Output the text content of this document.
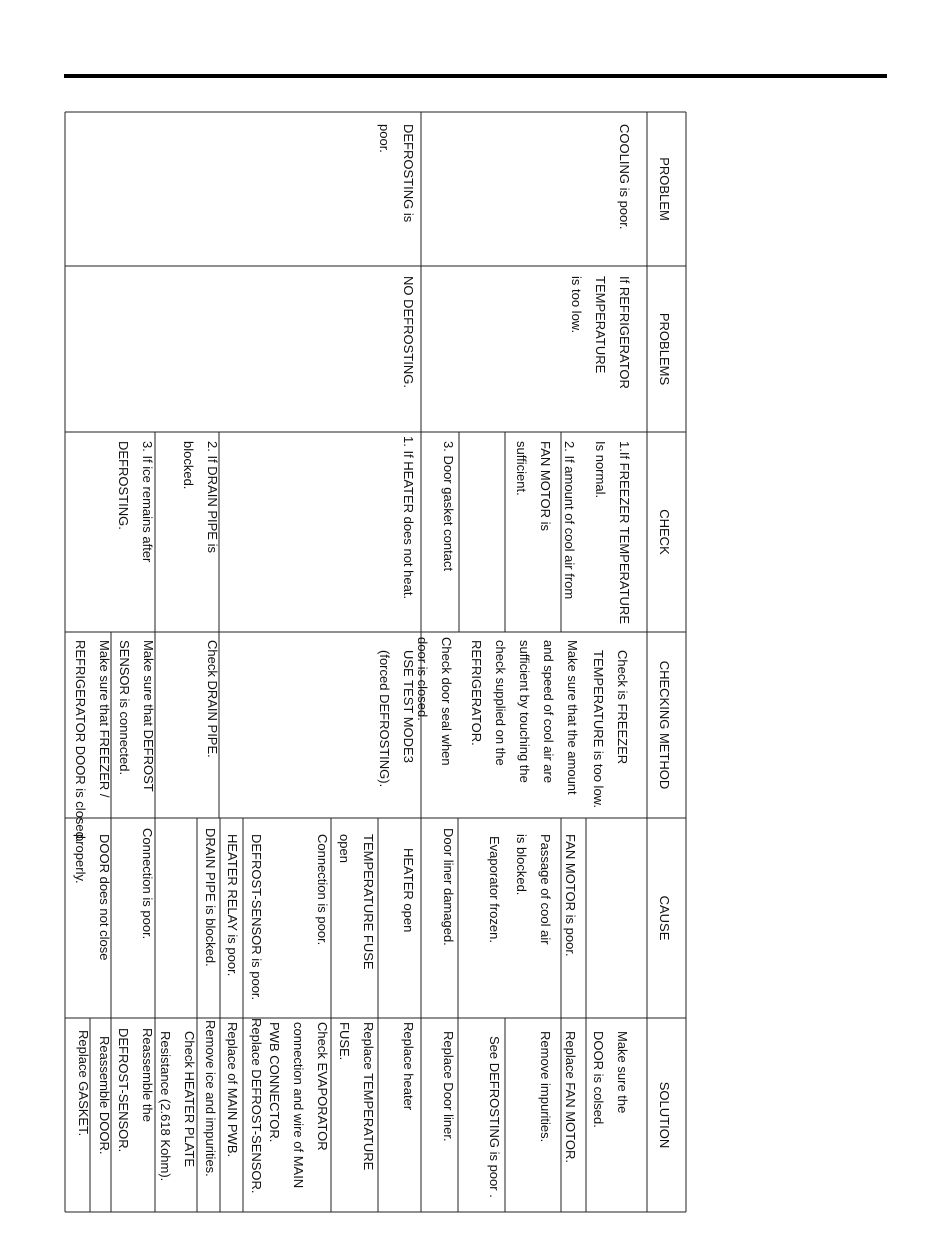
PROBLEM
PROBLEMS
CHECK
CHECKING METHOD
CAUSE
SOLUTION
COOLING is poor.
DEFROSTING is
poor.
If REFRIGERATOR
TEMPERATURE
is too low.
NO DEFROSTING.
1.If FREEZER TEMPERATURE
Is normal.
2. If amount of cool air from
FAN MOTOR is
sufficient.
3. Door gasket contact
1. If HEATER does not heat.
2. If DRAIN PIPE is
blocked.
3. If ice remains after
DEFROSTING.
Check is FREEZER
TEMPERATURE is too low.
Make sure that the amount
and speed of cool air are
sufficient by touching the
check supplied on the
REFRIGERATOR.
Check door seal when
door is closed.
USE TEST MODE3
(forced DEFROSTING).
Check DRAIN PIPE.
Make sure that DEFROST
SENSOR is connected.
Make sure that FREEZER /
REFRIGERATOR DOOR is closed.
FAN MOTOR is poor.
Passage of cool air
is blocked.
Evaporator frozen.
Door liner damaged.
HEATER open
TEMPERATURE FUSE
open
Connection is poor.
DEFROST-SENSOR is poor.
HEATER RELAY is poor.
DRAIN PIPE is blocked.
Connection is poor.
DOOR does not close
properly.
Make sure the
DOOR is colsed.
Replace FAN MOTOR.
Remove impurities.
See DEFROSTING is poor .
Replace Door liner.
Replace heater
Replace TEMPERATURE
FUSE.
Check EVAPORATOR
connection and wire of MAIN
PWB CONNECTOR.
Replace DEFROST-SENSOR.
Replace of MAIN PWB.
Remove ice and impurities.
Check HEATER PLATE
Resistance (2.618 Kohm).
Reassemble the
DEFROST-SENSOR.
Reassemble DOOR.
Replace GASKET.
